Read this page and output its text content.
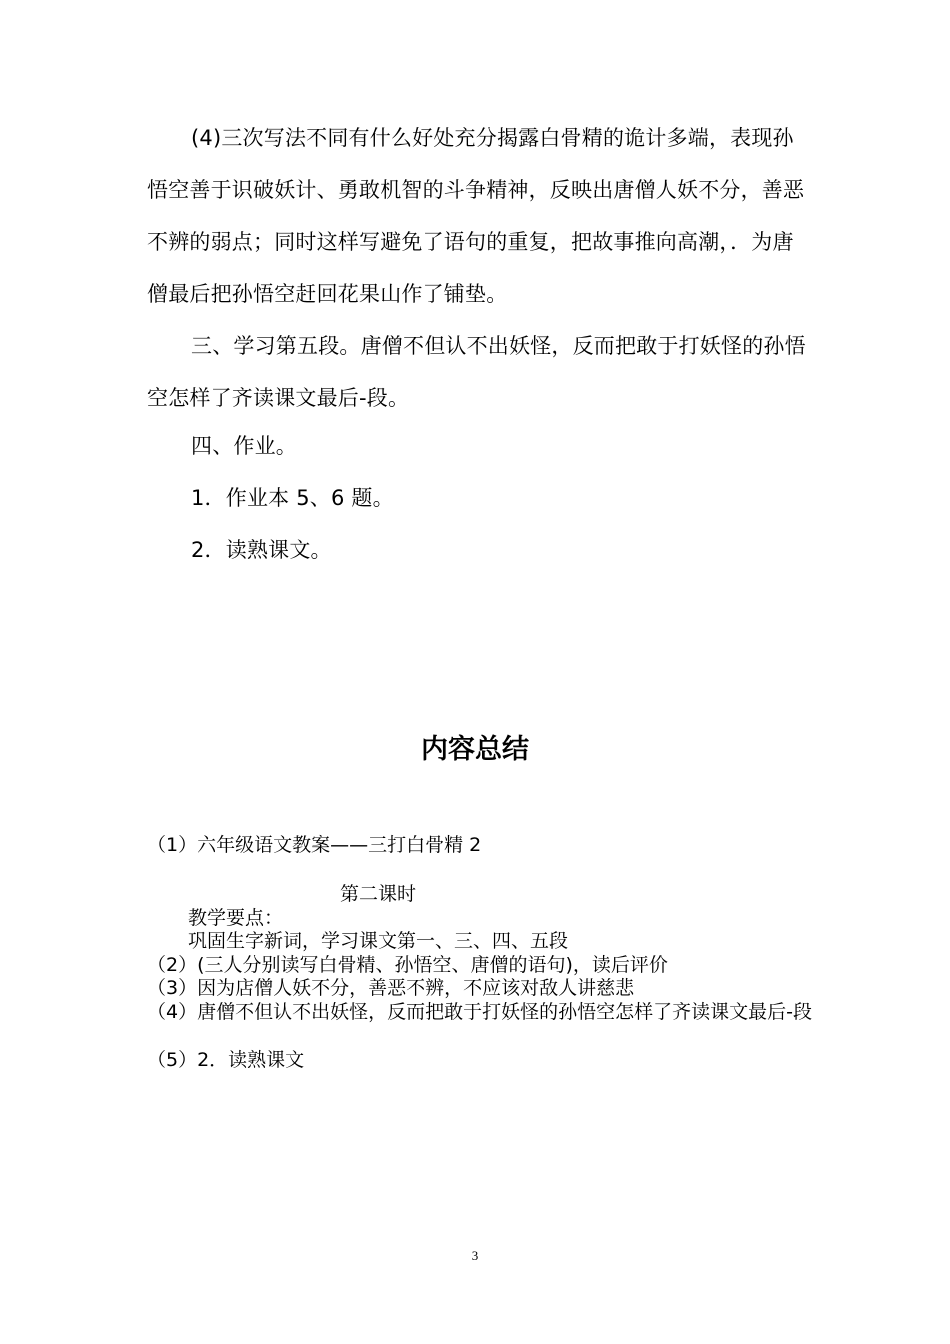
(4)三次写法不同有什么好处充分揭露白骨精的诡计多端，表现孙悟空善于识破妖计、勇敢机智的斗争精神，反映出唐僧人妖不分，善恶不辨的弱点；同时这样写避免了语句的重复，把故事推向高潮，．为唐僧最后把孙悟空赶回花果山作了铺垫。

三、学习第五段。唐僧不但认不出妖怪，反而把敢于打妖怪的孙悟空怎样了齐读课文最后-段。

四、作业。

1．作业本 5、6 题。

2．读熟课文。

内容总结

（1）六年级语文教案——三打白骨精 2

第二课时

教学要点：

巩固生字新词，学习课文第一、三、四、五段

（2）(三人分别读写白骨精、孙悟空、唐僧的语句)，读后评价

（3）因为店僧人妖不分，善恶不辨，不应该对敌人讲慈悲

（4）唐僧不但认不出妖怪，反而把敢于打妖怪的孙悟空怎样了齐读课文最后-段

（5）2．读熟课文

3
